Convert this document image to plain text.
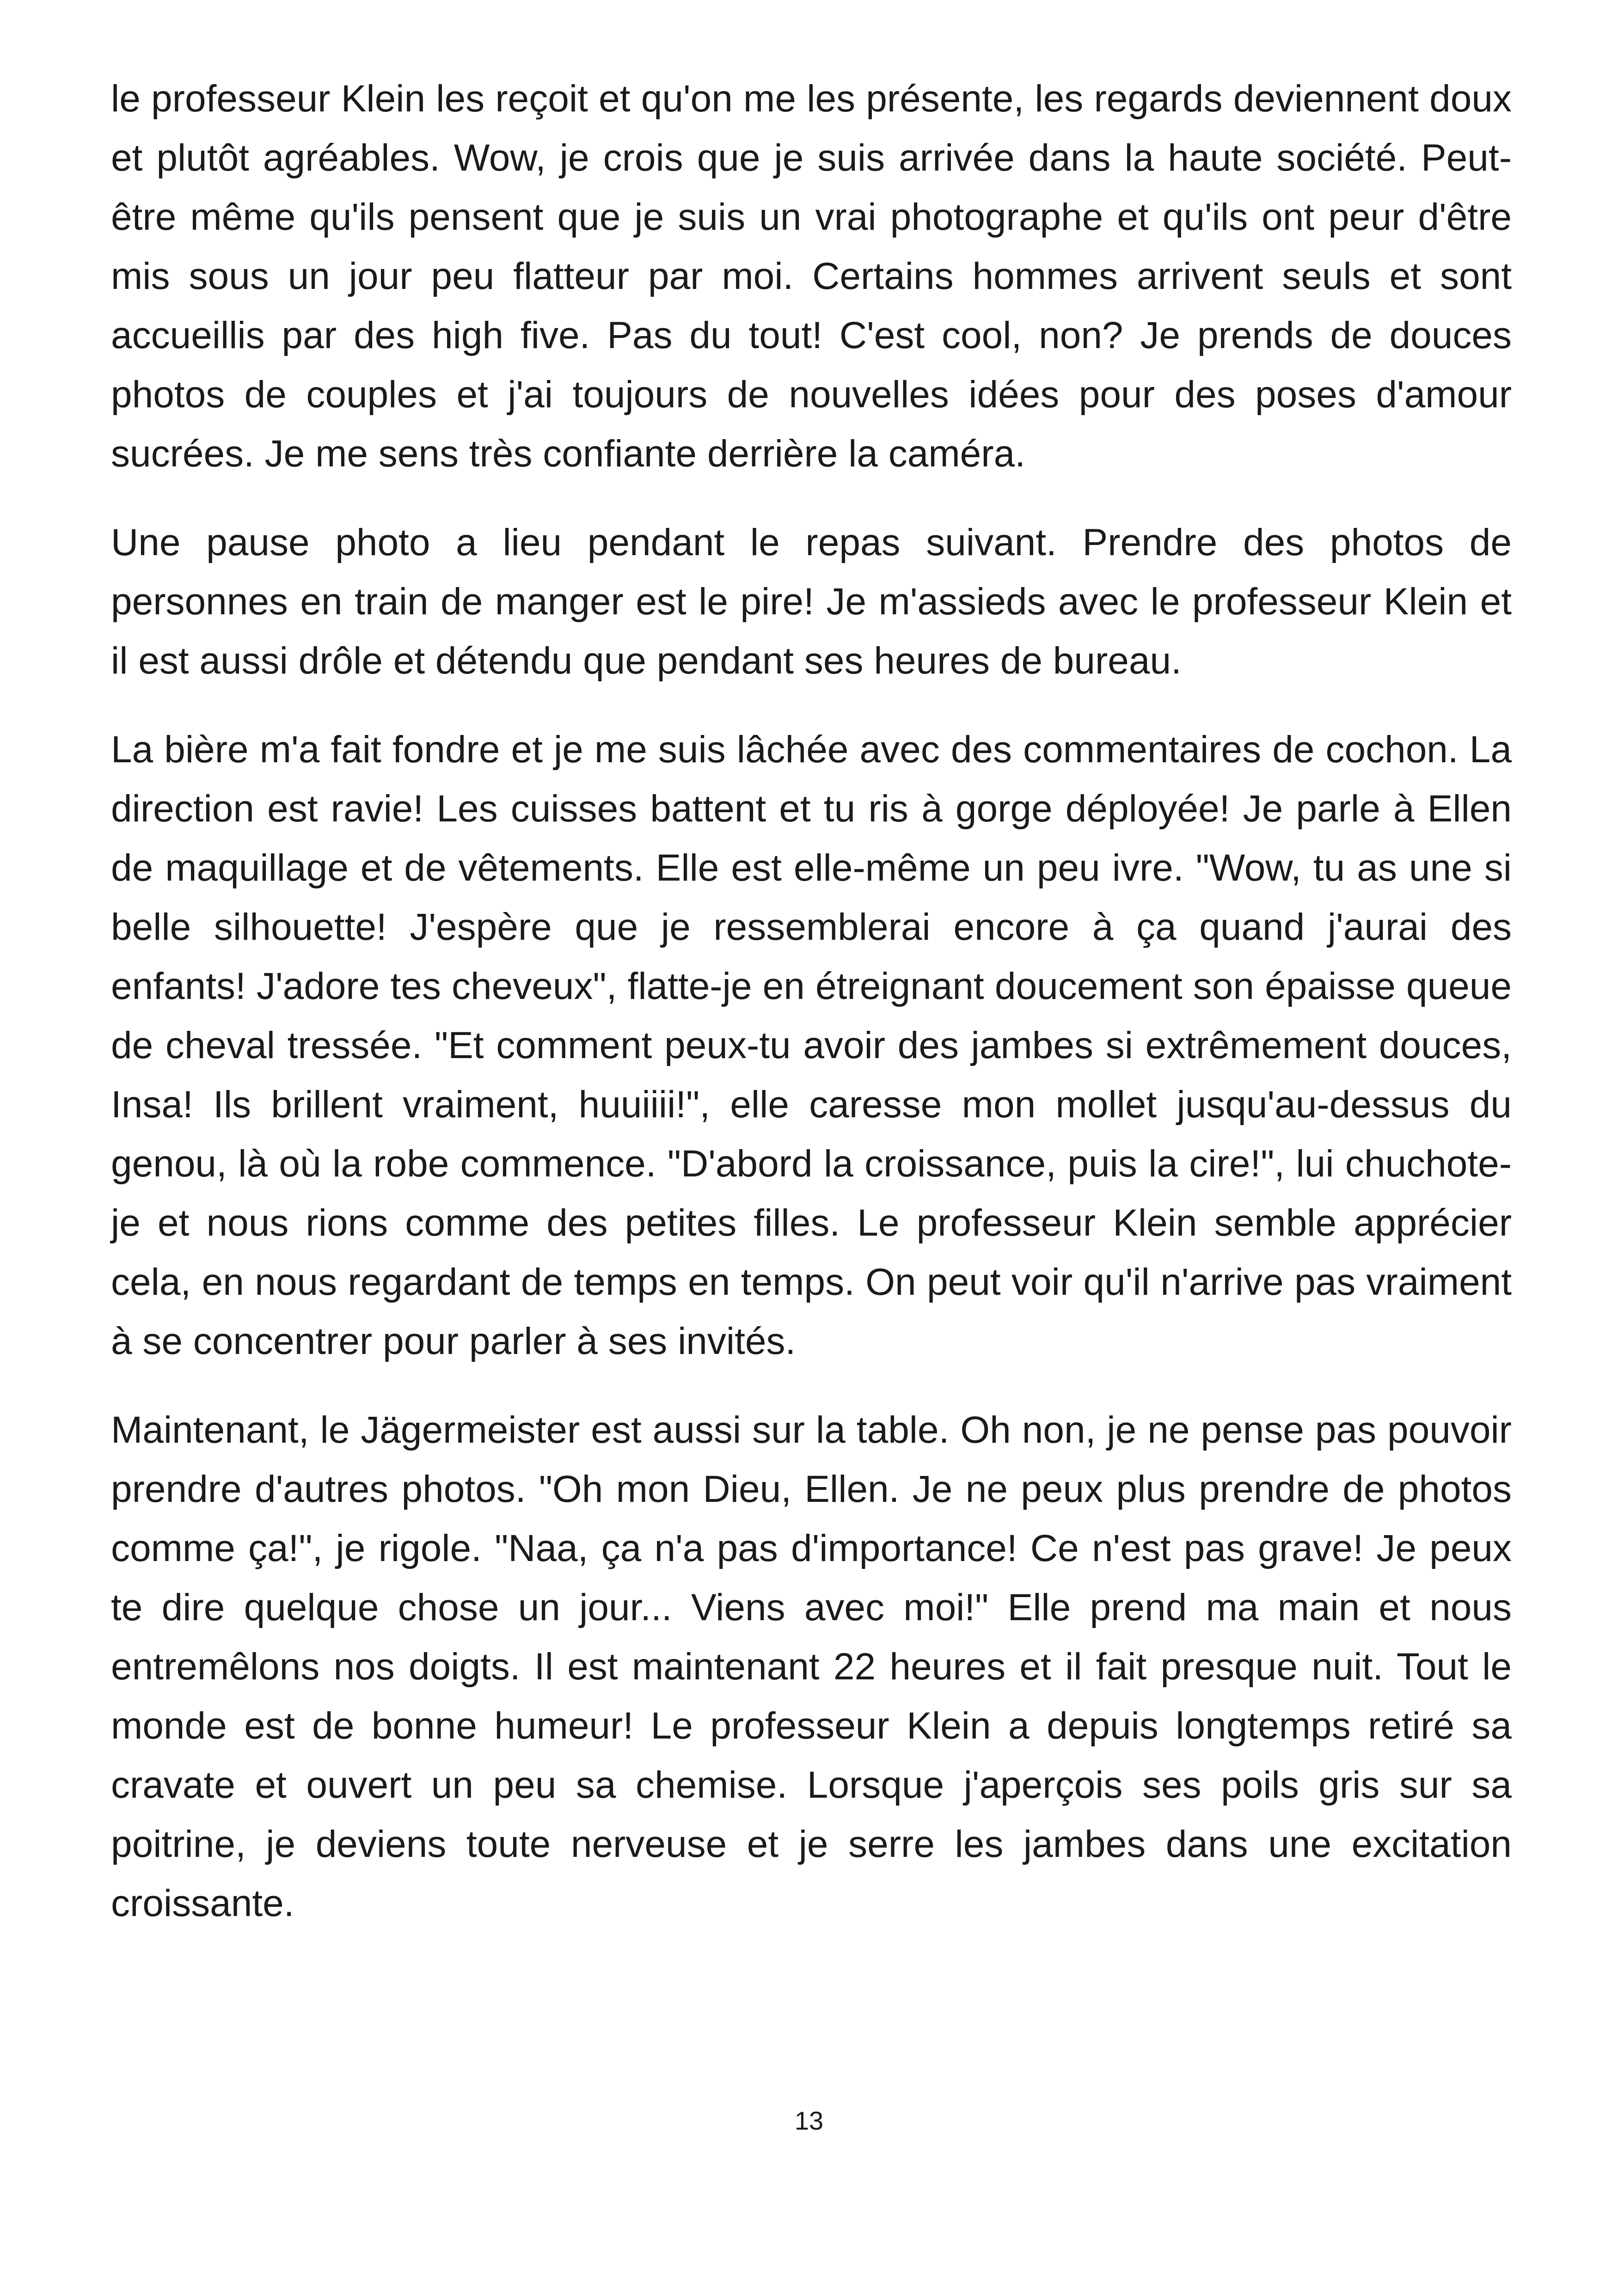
le professeur Klein les reçoit et qu'on me les présente, les regards deviennent doux et plutôt agréables. Wow, je crois que je suis arrivée dans la haute société. Peut-être même qu'ils pensent que je suis un vrai photographe et qu'ils ont peur d'être mis sous un jour peu flatteur par moi. Certains hommes arrivent seuls et sont accueillis par des high five. Pas du tout! C'est cool, non? Je prends de douces photos de couples et j'ai toujours de nouvelles idées pour des poses d'amour sucrées. Je me sens très confiante derrière la caméra.

Une pause photo a lieu pendant le repas suivant. Prendre des photos de personnes en train de manger est le pire! Je m'assieds avec le professeur Klein et il est aussi drôle et détendu que pendant ses heures de bureau.

La bière m'a fait fondre et je me suis lâchée avec des commentaires de cochon. La direction est ravie! Les cuisses battent et tu ris à gorge déployée! Je parle à Ellen de maquillage et de vêtements. Elle est elle-même un peu ivre. "Wow, tu as une si belle silhouette! J'espère que je ressemblerai encore à ça quand j'aurai des enfants! J'adore tes cheveux", flatte-je en étreignant doucement son épaisse queue de cheval tressée. "Et comment peux-tu avoir des jambes si extrêmement douces, Insa! Ils brillent vraiment, huuiiii!", elle caresse mon mollet jusqu'au-dessus du genou, là où la robe commence. "D'abord la croissance, puis la cire!", lui chuchote-je et nous rions comme des petites filles. Le professeur Klein semble apprécier cela, en nous regardant de temps en temps. On peut voir qu'il n'arrive pas vraiment à se concentrer pour parler à ses invités.

Maintenant, le Jägermeister est aussi sur la table. Oh non, je ne pense pas pouvoir prendre d'autres photos. "Oh mon Dieu, Ellen. Je ne peux plus prendre de photos comme ça!", je rigole. "Naa, ça n'a pas d'importance! Ce n'est pas grave! Je peux te dire quelque chose un jour... Viens avec moi!" Elle prend ma main et nous entremêlons nos doigts. Il est maintenant 22 heures et il fait presque nuit. Tout le monde est de bonne humeur! Le professeur Klein a depuis longtemps retiré sa cravate et ouvert un peu sa chemise. Lorsque j'aperçois ses poils gris sur sa poitrine, je deviens toute nerveuse et je serre les jambes dans une excitation croissante.

13
